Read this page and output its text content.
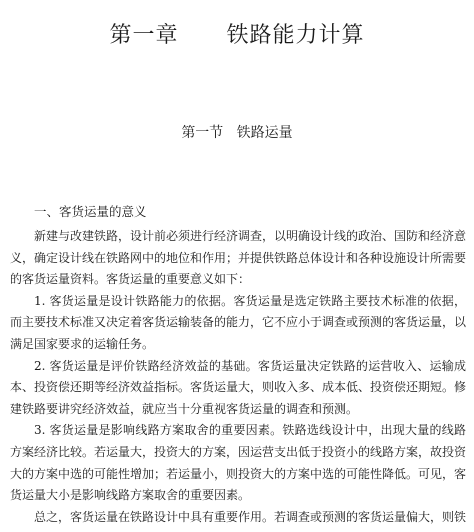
第一章   铁路能力计算
第一节   铁路运量
一、客货运量的意义

新建与改建铁路，设计前必须进行经济调查，以明确设计线的政治、国防和经济意义，确定设计线在铁路网中的地位和作用；并提供铁路总体设计和各种设施设计所需要的客货运量资料。客货运量的重要意义如下：

1. 客货运量是设计铁路能力的依据。客货运量是选定铁路主要技术标准的依据，而主要技术标准又决定着客货运输装备的能力，它不应小于调查或预测的客货运量，以满足国家要求的运输任务。

2. 客货运量是评价铁路经济效益的基础。客货运量决定铁路的运营收入、运输成本、投资偿还期等经济效益指标。客货运量大，则收入多、成本低、投资偿还期短。修建铁路要讲究经济效益，就应当十分重视客货运量的调查和预测。

3. 客货运量是影响线路方案取舍的重要因素。铁路选线设计中，出现大量的线路方案经济比较。若运量大，投资大的方案，因运营支出低于投资小的线路方案，故投资大的方案中选的可能性增加；若运量小，则投资大的方案中选的可能性降低。可见，客货运量大小是影响线路方案取舍的重要因素。

总之，客货运量在铁路设计中具有重要作用。若调查或预测的客货运量偏大，则铁
